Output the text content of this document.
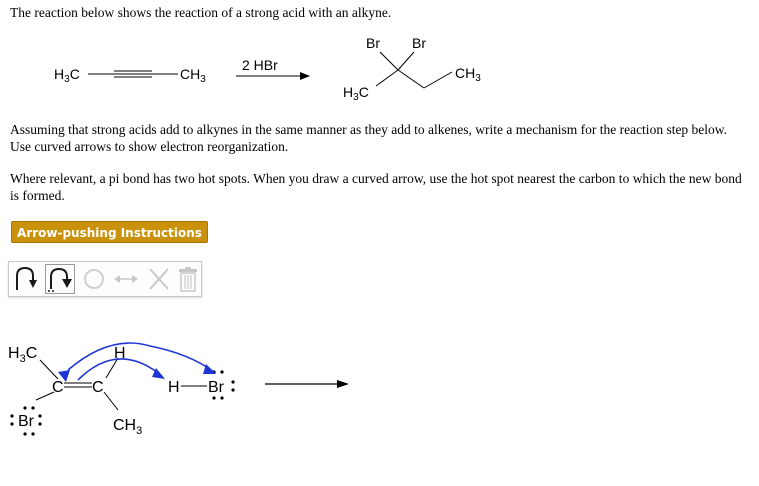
The reaction below shows the reaction of a strong acid with an alkyne.
$H_3C$	$CH_3$
2 HBr
Br Br
$CH_3$
$H_3C$
Assuming that strong acids add to alkynes in the same manner as they add to alkenes, write a mechanism for the reaction step below. Use curved arrows to show electron reorganization.
Where relevant, a pi bond has two hot spots. When you draw a curved arrow, use the hot spot nearest the carbon to which the new bond is formed.
Arrow-pushing Instructions
$H_3C$
C C
H
$CH_3$
Br
H Br
